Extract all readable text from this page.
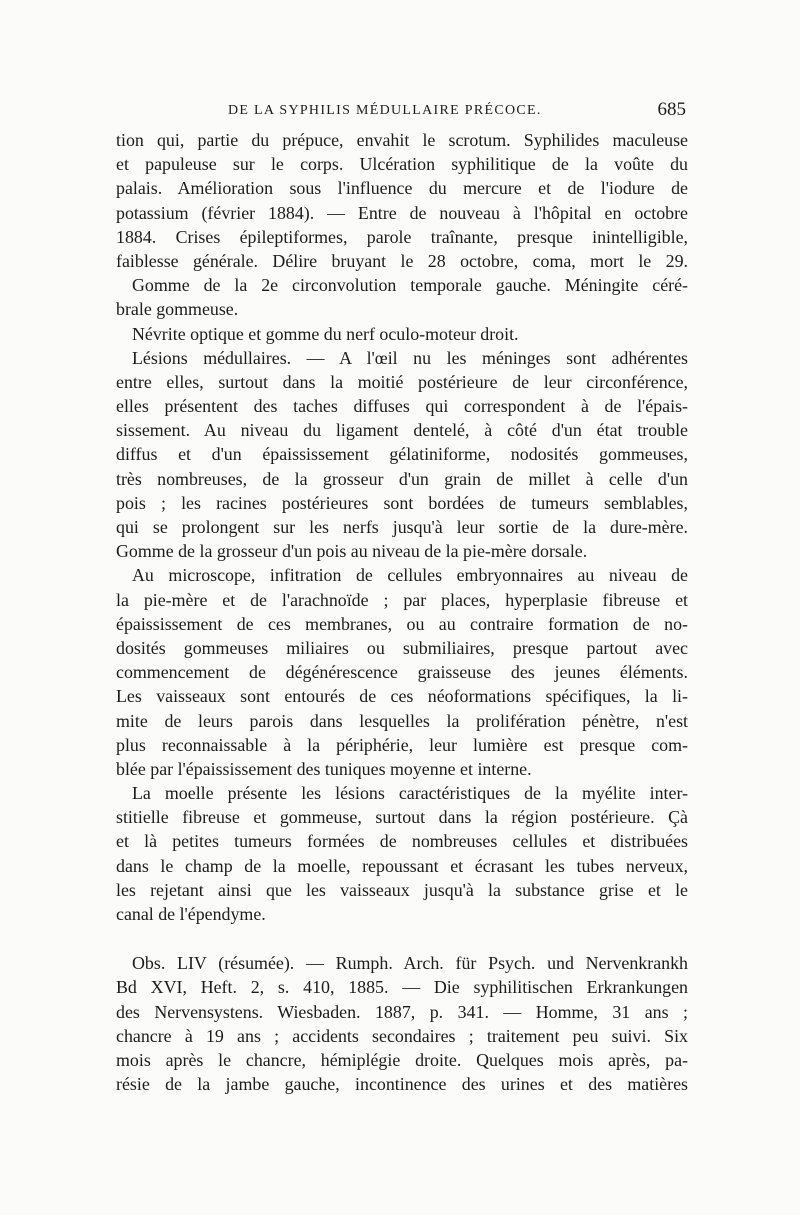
DE LA SYPHILIS MÉDULLAIRE PRÉCOCE.	685
tion qui, partie du prépuce, envahit le scrotum. Syphilides maculeuse
et papuleuse sur le corps. Ulcération syphilitique de la voûte du
palais. Amélioration sous l'influence du mercure et de l'iodure de
potassium (février 1884). — Entre de nouveau à l'hôpital en octobre
1884. Crises épileptiformes, parole traînante, presque inintelligible,
faiblesse générale. Délire bruyant le 28 octobre, coma, mort le 29.
Gomme de la 2e circonvolution temporale gauche. Méningite céré-
brale gommeuse.
Névrite optique et gomme du nerf oculo-moteur droit.
Lésions médullaires. — A l'œil nu les méninges sont adhérentes
entre elles, surtout dans la moitié postérieure de leur circonférence,
elles présentent des taches diffuses qui correspondent à de l'épais-
sissement. Au niveau du ligament dentelé, à côté d'un état trouble
diffus et d'un épaississement gélatiniforme, nodosités gommeuses,
très nombreuses, de la grosseur d'un grain de millet à celle d'un
pois ; les racines postérieures sont bordées de tumeurs semblables,
qui se prolongent sur les nerfs jusqu'à leur sortie de la dure-mère.
Gomme de la grosseur d'un pois au niveau de la pie-mère dorsale.
Au microscope, infitration de cellules embryonnaires au niveau de
la pie-mère et de l'arachnoïde ; par places, hyperplasie fibreuse et
épaississement de ces membranes, ou au contraire formation de no-
dosités gommeuses miliaires ou submiliaires, presque partout avec
commencement de dégénérescence graisseuse des jeunes éléments.
Les vaisseaux sont entourés de ces néoformations spécifiques, la li-
mite de leurs parois dans lesquelles la prolifération pénètre, n'est
plus reconnaissable à la périphérie, leur lumière est presque com-
blée par l'épaississement des tuniques moyenne et interne.
La moelle présente les lésions caractéristiques de la myélite inter-
stitielle fibreuse et gommeuse, surtout dans la région postérieure. Çà
et là petites tumeurs formées de nombreuses cellules et distribuées
dans le champ de la moelle, repoussant et écrasant les tubes nerveux,
les rejetant ainsi que les vaisseaux jusqu'à la substance grise et le
canal de l'épendyme.
Obs. LIV (résumée). — Rumph. Arch. für Psych. und Nervenkrankh
Bd XVI, Heft. 2, s. 410, 1885. — Die syphilitischen Erkrankungen
des Nervensystens. Wiesbaden. 1887, p. 341. — Homme, 31 ans ;
chancre à 19 ans ; accidents secondaires ; traitement peu suivi. Six
mois après le chancre, hémiplégie droite. Quelques mois après, pa-
résie de la jambe gauche, incontinence des urines et des matières
